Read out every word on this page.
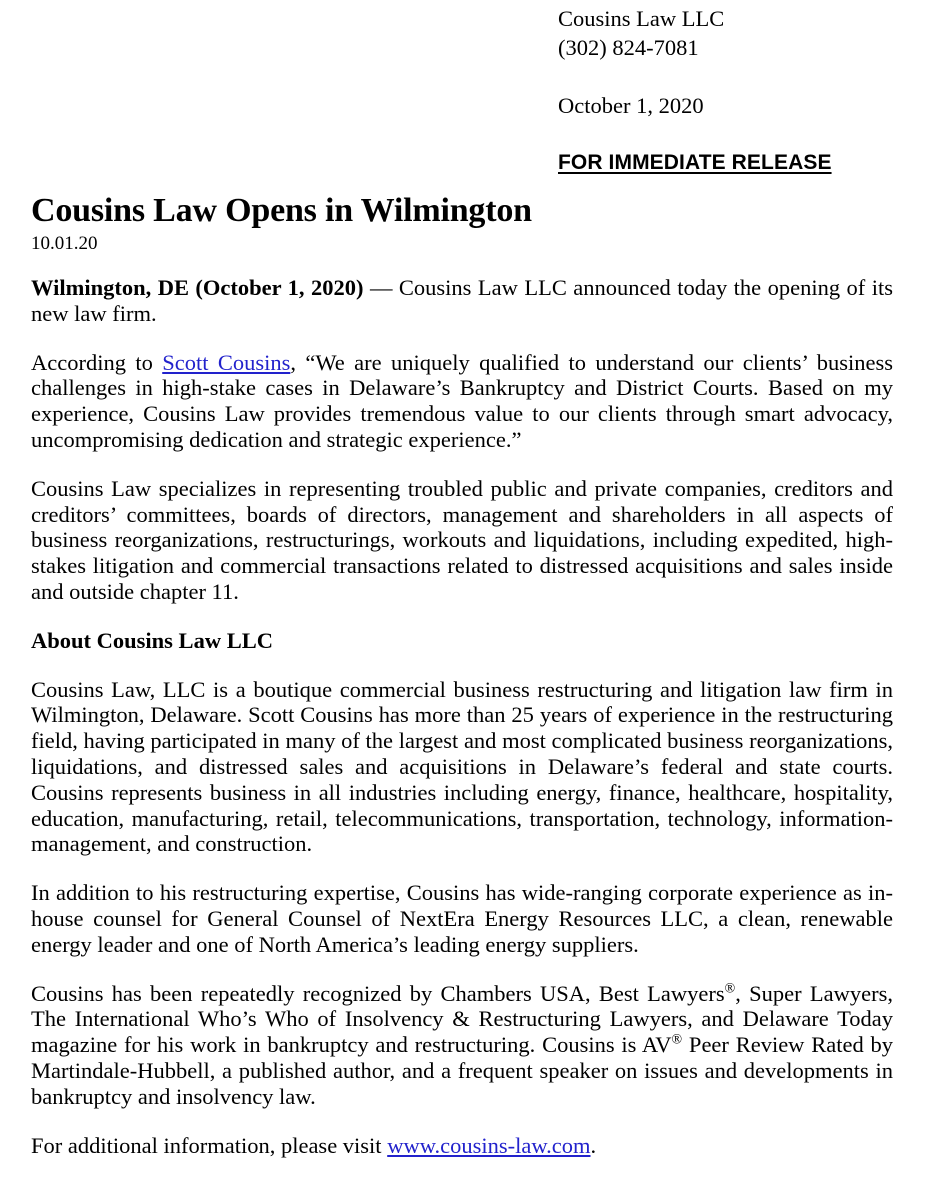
Cousins Law LLC
(302) 824-7081
October 1, 2020
FOR IMMEDIATE RELEASE
Cousins Law Opens in Wilmington
10.01.20

Wilmington, DE (October 1, 2020) — Cousins Law LLC announced today the opening of its new law firm.

According to Scott Cousins, “We are uniquely qualified to understand our clients’ business challenges in high-stake cases in Delaware’s Bankruptcy and District Courts. Based on my experience, Cousins Law provides tremendous value to our clients through smart advocacy, uncompromising dedication and strategic experience.”

Cousins Law specializes in representing troubled public and private companies, creditors and creditors’ committees, boards of directors, management and shareholders in all aspects of business reorganizations, restructurings, workouts and liquidations, including expedited, high-stakes litigation and commercial transactions related to distressed acquisitions and sales inside and outside chapter 11.

About Cousins Law LLC

Cousins Law, LLC is a boutique commercial business restructuring and litigation law firm in Wilmington, Delaware. Scott Cousins has more than 25 years of experience in the restructuring field, having participated in many of the largest and most complicated business reorganizations, liquidations, and distressed sales and acquisitions in Delaware’s federal and state courts. Cousins represents business in all industries including energy, finance, healthcare, hospitality, education, manufacturing, retail, telecommunications, transportation, technology, information-management, and construction.

In addition to his restructuring expertise, Cousins has wide-ranging corporate experience as in-house counsel for General Counsel of NextEra Energy Resources LLC, a clean, renewable energy leader and one of North America’s leading energy suppliers.

Cousins has been repeatedly recognized by Chambers USA, Best Lawyers®, Super Lawyers, The International Who’s Who of Insolvency & Restructuring Lawyers, and Delaware Today magazine for his work in bankruptcy and restructuring. Cousins is AV® Peer Review Rated by Martindale-Hubbell, a published author, and a frequent speaker on issues and developments in bankruptcy and insolvency law.

For additional information, please visit www.cousins-law.com.
